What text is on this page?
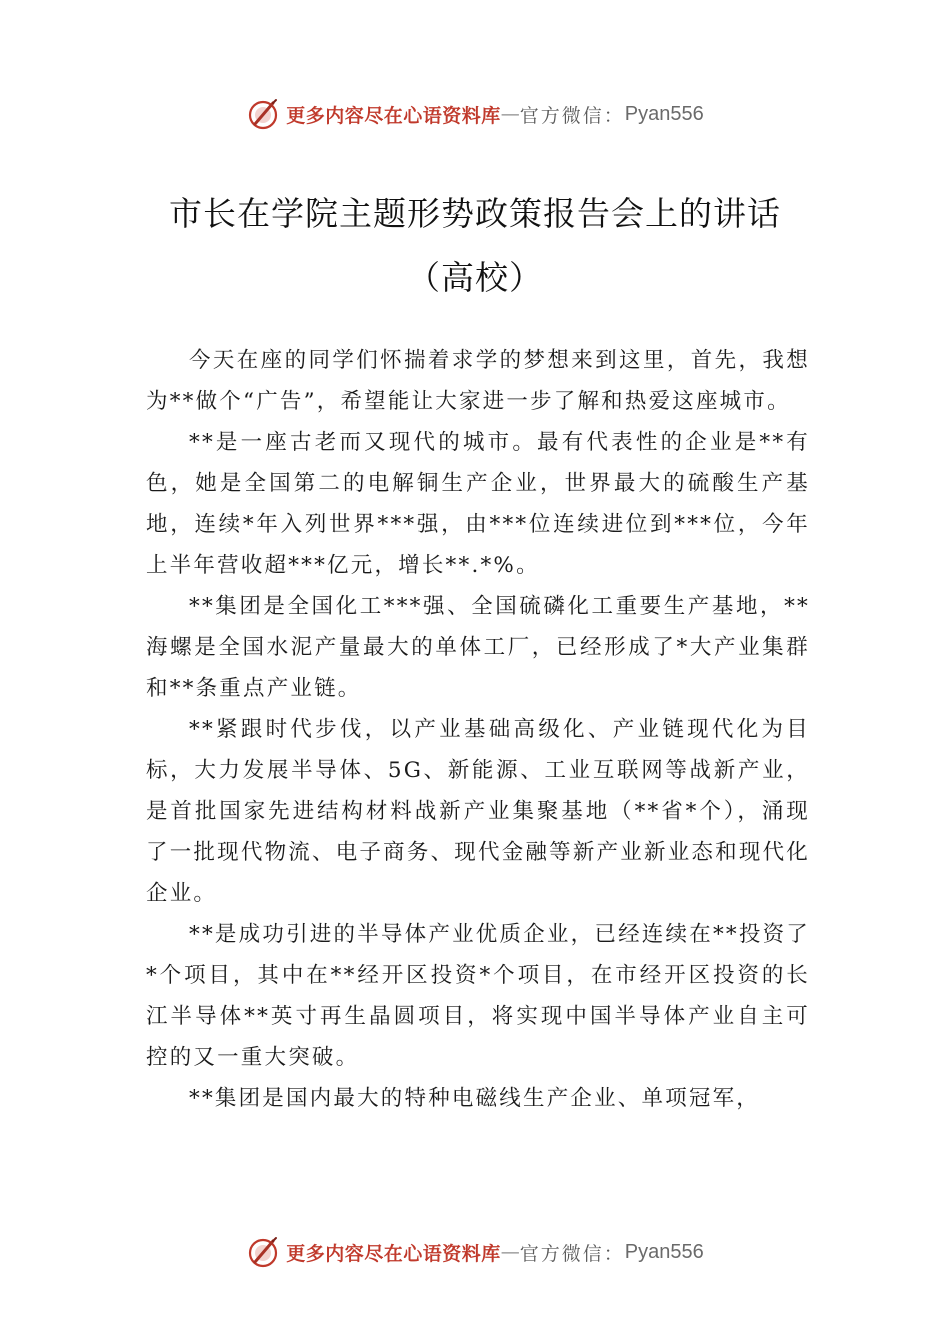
更多内容尽在心语资料库 — 官方微信： Pyan556
市长在学院主题形势政策报告会上的讲话
（高校）

今天在座的同学们怀揣着求学的梦想来到这里，首先，我想为**做个“广告”，希望能让大家进一步了解和热爱这座城市。

**是一座古老而又现代的城市。最有代表性的企业是**有色，她是全国第二的电解铜生产企业，世界最大的硫酸生产基地，连续*年入列世界***强，由***位连续进位到***位，今年上半年营收超***亿元，增长**.*%。

**集团是全国化工***强、全国硫磷化工重要生产基地，**海螺是全国水泥产量最大的单体工厂，已经形成了*大产业集群和**条重点产业链。

**紧跟时代步伐，以产业基础高级化、产业链现代化为目标，大力发展半导体、5G、新能源、工业互联网等战新产业，是首批国家先进结构材料战新产业集聚基地（**省*个），涌现了一批现代物流、电子商务、现代金融等新产业新业态和现代化企业。

**是成功引进的半导体产业优质企业，已经连续在**投资了*个项目，其中在**经开区投资*个项目，在市经开区投资的长江半导体**英寸再生晶圆项目，将实现中国半导体产业自主可控的又一重大突破。

**集团是国内最大的特种电磁线生产企业、单项冠军，

更多内容尽在心语资料库 — 官方微信： Pyan556
